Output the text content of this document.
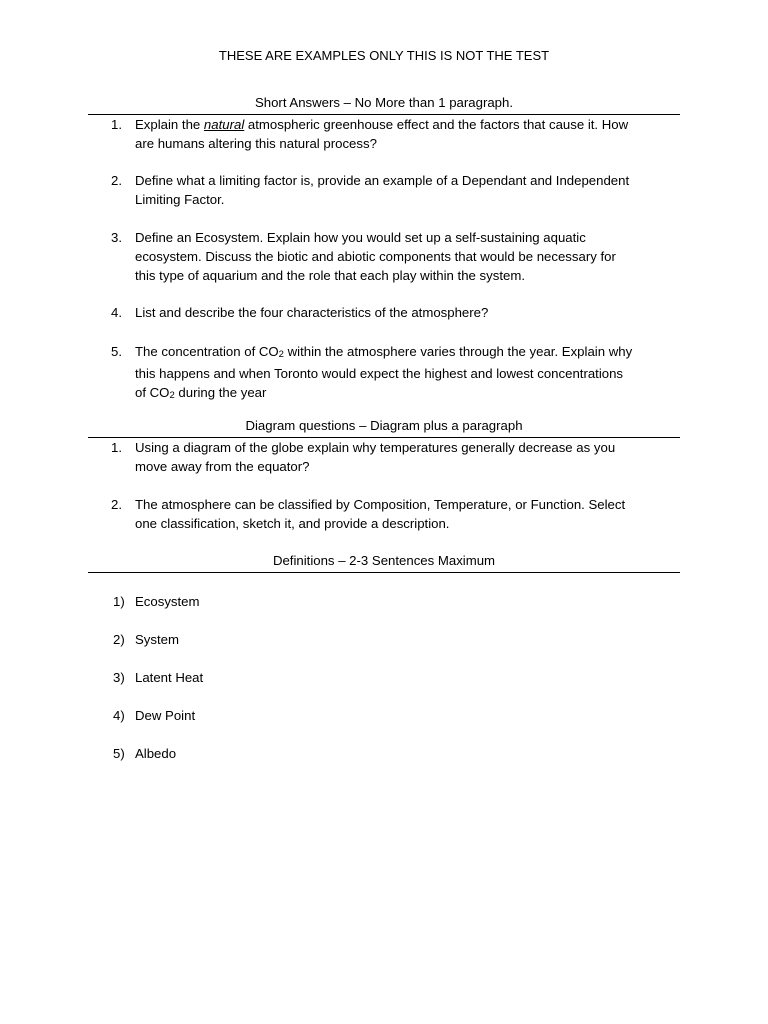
THESE ARE EXAMPLES ONLY THIS IS NOT THE TEST
Short Answers – No More than 1 paragraph.
1. Explain the natural atmospheric greenhouse effect and the factors that cause it. How

are humans altering this natural process?

2. Define what a limiting factor is, provide an example of a Dependant and Independent

Limiting Factor.

3. Define an Ecosystem. Explain how you would set up a self-sustaining aquatic

ecosystem. Discuss the biotic and abiotic components that would be necessary for

this type of aquarium and the role that each play within the system.

4. List and describe the four characteristics of the atmosphere?

5. The concentration of CO2 within the atmosphere varies through the year. Explain why

this happens and when Toronto would expect the highest and lowest concentrations

of CO2 during the year

Diagram questions – Diagram plus a paragraph
1. Using a diagram of the globe explain why temperatures generally decrease as you

move away from the equator?

2. The atmosphere can be classified by Composition, Temperature, or Function. Select

one classification, sketch it, and provide a description.

Definitions – 2-3 Sentences Maximum
1) Ecosystem
2) System
3) Latent Heat
4) Dew Point
5) Albedo
